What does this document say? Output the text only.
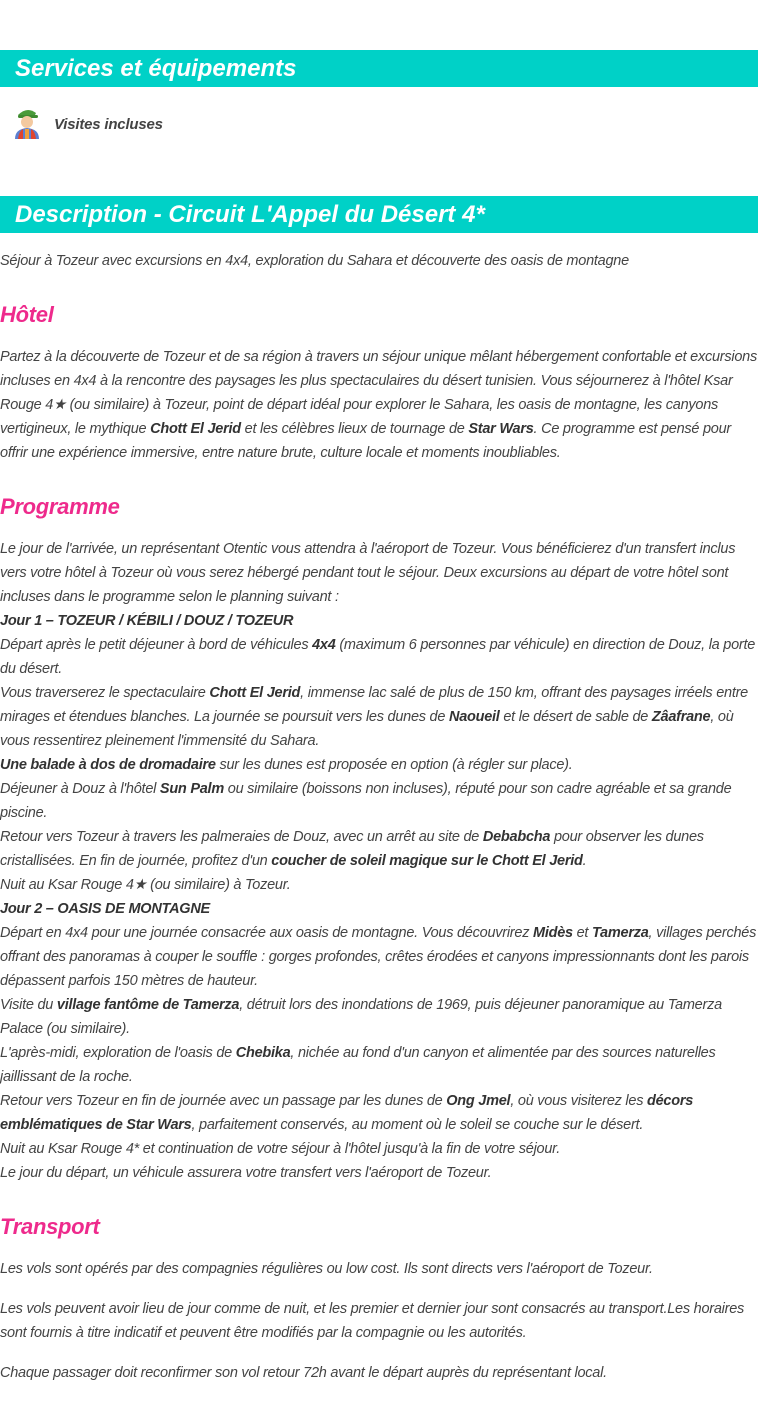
Services et équipements
Visites incluses
Description - Circuit L'Appel du Désert 4*

Séjour à Tozeur avec excursions en 4x4, exploration du Sahara et découverte des oasis de montagne

Hôtel

Partez à la découverte de Tozeur et de sa région à travers un séjour unique mêlant hébergement confortable et excursions incluses en 4x4 à la rencontre des paysages les plus spectaculaires du désert tunisien. Vous séjournerez à l'hôtel Ksar Rouge 4★ (ou similaire) à Tozeur, point de départ idéal pour explorer le Sahara, les oasis de montagne, les canyons vertigineux, le mythique Chott El Jerid et les célèbres lieux de tournage de Star Wars. Ce programme est pensé pour offrir une expérience immersive, entre nature brute, culture locale et moments inoubliables.

Programme

Le jour de l'arrivée, un représentant Otentic vous attendra à l'aéroport de Tozeur. Vous bénéficierez d'un transfert inclus vers votre hôtel à Tozeur où vous serez hébergé pendant tout le séjour. Deux excursions au départ de votre hôtel sont incluses dans le programme selon le planning suivant :

Jour 1 – TOZEUR / KÉBILI / DOUZ / TOZEUR

Départ après le petit déjeuner à bord de véhicules 4x4 (maximum 6 personnes par véhicule) en direction de Douz, la porte du désert.

Vous traverserez le spectaculaire Chott El Jerid, immense lac salé de plus de 150 km, offrant des paysages irréels entre mirages et étendues blanches. La journée se poursuit vers les dunes de Naoueil et le désert de sable de Zâafrane, où vous ressentirez pleinement l'immensité du Sahara.

Une balade à dos de dromadaire sur les dunes est proposée en option (à régler sur place).

Déjeuner à Douz à l'hôtel Sun Palm ou similaire (boissons non incluses), réputé pour son cadre agréable et sa grande piscine.

Retour vers Tozeur à travers les palmeraies de Douz, avec un arrêt au site de Debabcha pour observer les dunes cristallisées. En fin de journée, profitez d'un coucher de soleil magique sur le Chott El Jerid.

Nuit au Ksar Rouge 4★ (ou similaire) à Tozeur.

Jour 2 – OASIS DE MONTAGNE

Départ en 4x4 pour une journée consacrée aux oasis de montagne. Vous découvrirez Midès et Tamerza, villages perchés offrant des panoramas à couper le souffle : gorges profondes, crêtes érodées et canyons impressionnants dont les parois dépassent parfois 150 mètres de hauteur.

Visite du village fantôme de Tamerza, détruit lors des inondations de 1969, puis déjeuner panoramique au Tamerza Palace (ou similaire).

L'après-midi, exploration de l'oasis de Chebika, nichée au fond d'un canyon et alimentée par des sources naturelles jaillissant de la roche.

Retour vers Tozeur en fin de journée avec un passage par les dunes de Ong Jmel, où vous visiterez les décors emblématiques de Star Wars, parfaitement conservés, au moment où le soleil se couche sur le désert.

Nuit au Ksar Rouge 4* et continuation de votre séjour à l'hôtel jusqu'à la fin de votre séjour.

Le jour du départ, un véhicule assurera votre transfert vers l'aéroport de Tozeur.

Transport

Les vols sont opérés par des compagnies régulières ou low cost. Ils sont directs vers l'aéroport de Tozeur.

Les vols peuvent avoir lieu de jour comme de nuit, et les premier et dernier jour sont consacrés au transport.Les horaires sont fournis à titre indicatif et peuvent être modifiés par la compagnie ou les autorités.

Chaque passager doit reconfirmer son vol retour 72h avant le départ auprès du représentant local.
